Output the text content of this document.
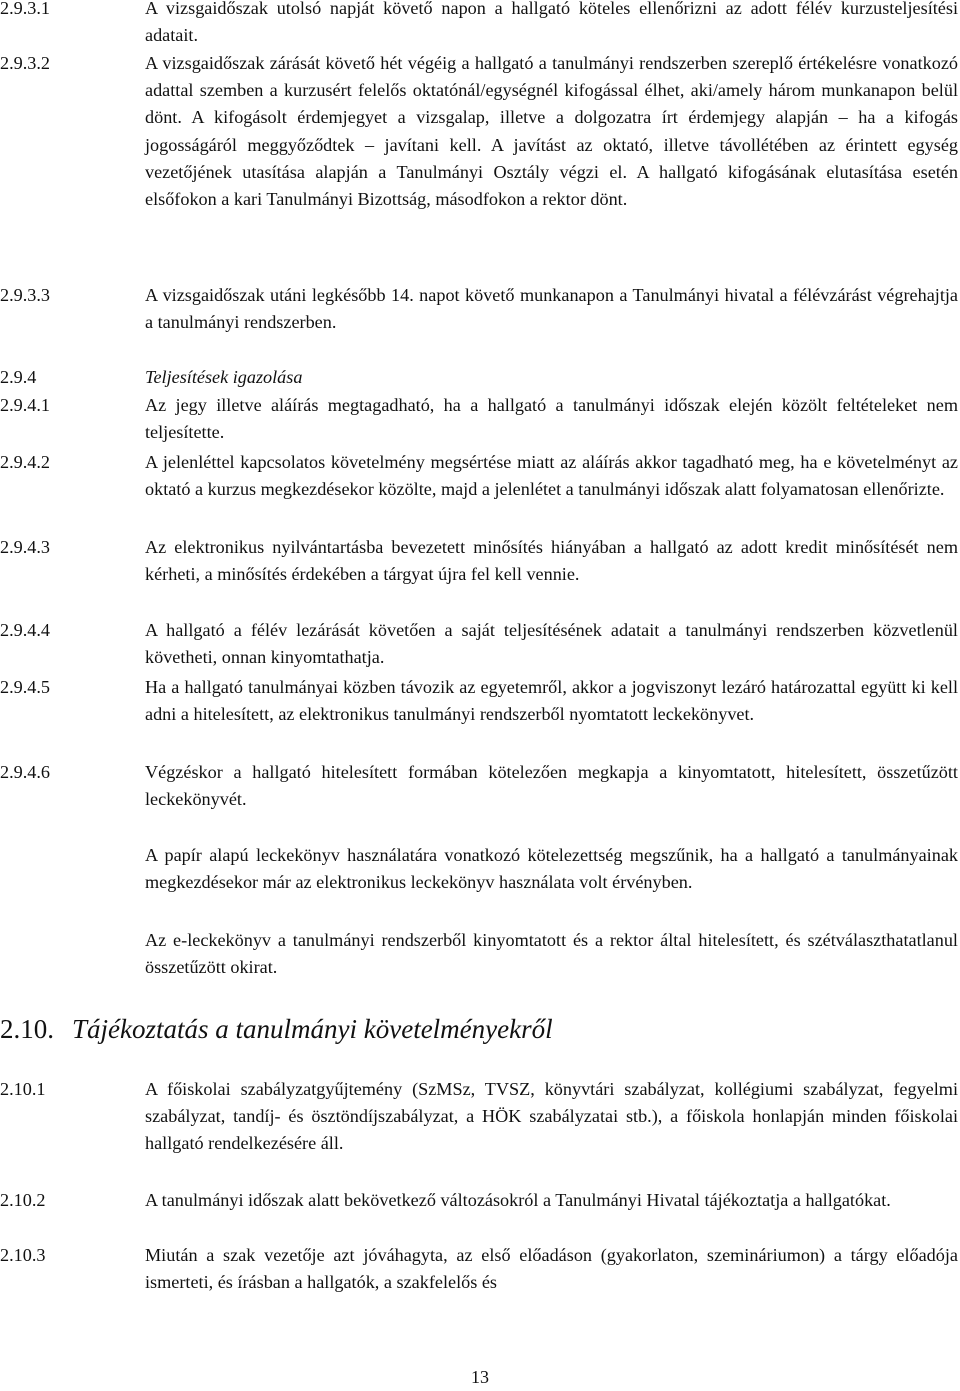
2.9.3.1	A vizsgaidőszak utolsó napját követő napon a hallgató köteles ellenőrizni az adott félév kurzusteljesítési adatait.
2.9.3.2	A vizsgaidőszak zárását követő hét végéig a hallgató a tanulmányi rendszerben szereplő értékelésre vonatkozó adattal szemben a kurzusért felelős oktatónál/egységnél kifogással élhet, aki/amely három munkanapon belül dönt. A kifogásolt érdemjegyet a vizsgalap, illetve a dolgozatra írt érdemjegy alapján – ha a kifogás jogosságáról meggyőződtek – javítani kell. A javítást az oktató, illetve távollétében az érintett egység vezetőjének utasítása alapján a Tanulmányi Osztály végzi el. A hallgató kifogásának elutasítása esetén elsőfokon a kari Tanulmányi Bizottság, másodfokon a rektor dönt.
2.9.3.3	A vizsgaidőszak utáni legkésőbb 14. napot követő munkanapon a Tanulmányi hivatal a félévzárást végrehajtja a tanulmányi rendszerben.
2.9.4	Teljesítések igazolása
2.9.4.1	Az jegy illetve aláírás megtagadható, ha a hallgató a tanulmányi időszak elején közölt feltételeket nem teljesítette.
2.9.4.2	A jelenléttel kapcsolatos követelmény megsértése miatt az aláírás akkor tagadható meg, ha e követelményt az oktató a kurzus megkezdésekor közölte, majd a jelenlétet a tanulmányi időszak alatt folyamatosan ellenőrizte.
2.9.4.3	Az elektronikus nyilvántartásba bevezetett minősítés hiányában a hallgató az adott kredit minősítését nem kérheti, a minősítés érdekében a tárgyat újra fel kell vennie.
2.9.4.4	A hallgató a félév lezárását követően a saját teljesítésének adatait a tanulmányi rendszerben közvetlenül követheti, onnan kinyomtathatja.
2.9.4.5	Ha a hallgató tanulmányai közben távozik az egyetemről, akkor a jogviszonyt lezáró határozattal együtt ki kell adni a hitelesített, az elektronikus tanulmányi rendszerből nyomtatott leckekönyvet.
2.9.4.6	Végzéskor a hallgató hitelesített formában kötelezően megkapja a kinyomtatott, hitelesített, összetűzött leckekönyvét.
A papír alapú leckekönyv használatára vonatkozó kötelezettség megszűnik, ha a hallgató a tanulmányainak megkezdésekor már az elektronikus leckekönyv használata volt érvényben.
Az e-leckekönyv a tanulmányi rendszerből kinyomtatott és a rektor által hitelesített, és szétválaszthatatlanul összetűzött okirat.
2.10. Tájékoztatás a tanulmányi követelményekről
2.10.1	A főiskolai szabályzatgyűjtemény (SzMSz, TVSZ, könyvtári szabályzat, kollégiumi szabályzat, fegyelmi szabályzat, tandíj- és ösztöndíjszabályzat, a HÖK szabályzatai stb.), a főiskola honlapján minden főiskolai hallgató rendelkezésére áll.
2.10.2	A tanulmányi időszak alatt bekövetkező változásokról a Tanulmányi Hivatal tájékoztatja a hallgatókat.
2.10.3	Miután a szak vezetője azt jóváhagyta, az első előadáson (gyakorlaton, szemináriumon) a tárgy előadója ismerteti, és írásban a hallgatók, a szakfelelős és
13
